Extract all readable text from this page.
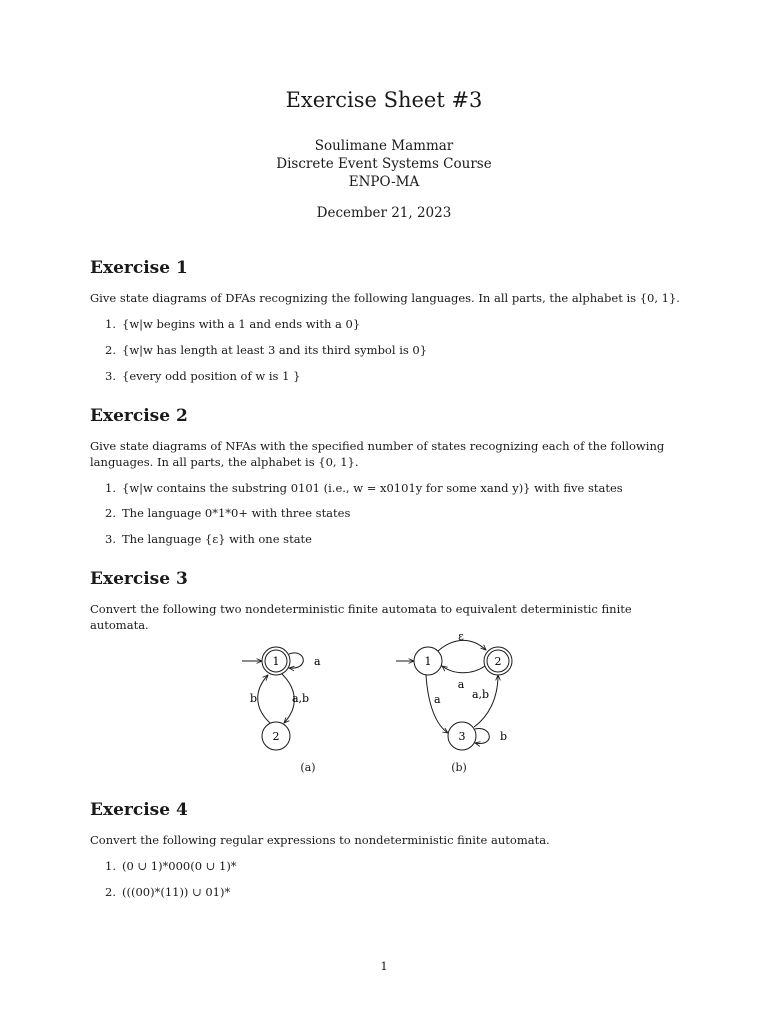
Exercise Sheet #3
Soulimane Mammar
Discrete Event Systems Course
ENPO-MA
December 21, 2023
Exercise 1
Give state diagrams of DFAs recognizing the following languages. In all parts, the alphabet is {0, 1}.
1. {w|w begins with a 1 and ends with a 0}
2. {w|w has length at least 3 and its third symbol is 0}
3. {every odd position of w is 1 }
Exercise 2
Give state diagrams of NFAs with the specified number of states recognizing each of the following languages. In all parts, the alphabet is {0, 1}.
1. {w|w contains the substring 0101 (i.e., w = x0101y for some xand y)} with five states
2. The language 0*1*0+ with three states
3. The language {ε} with one state
Exercise 3
Convert the following two nondeterministic finite automata to equivalent deterministic finite automata.
1	a
2
a,b
b
(a)
1	2
3
ε
a
a	a,b
b
(b)
Exercise 4
Convert the following regular expressions to nondeterministic finite automata.
1. (0 ∪ 1)*000(0 ∪ 1)*
2. (((00)*(11)) ∪ 01)*
1
